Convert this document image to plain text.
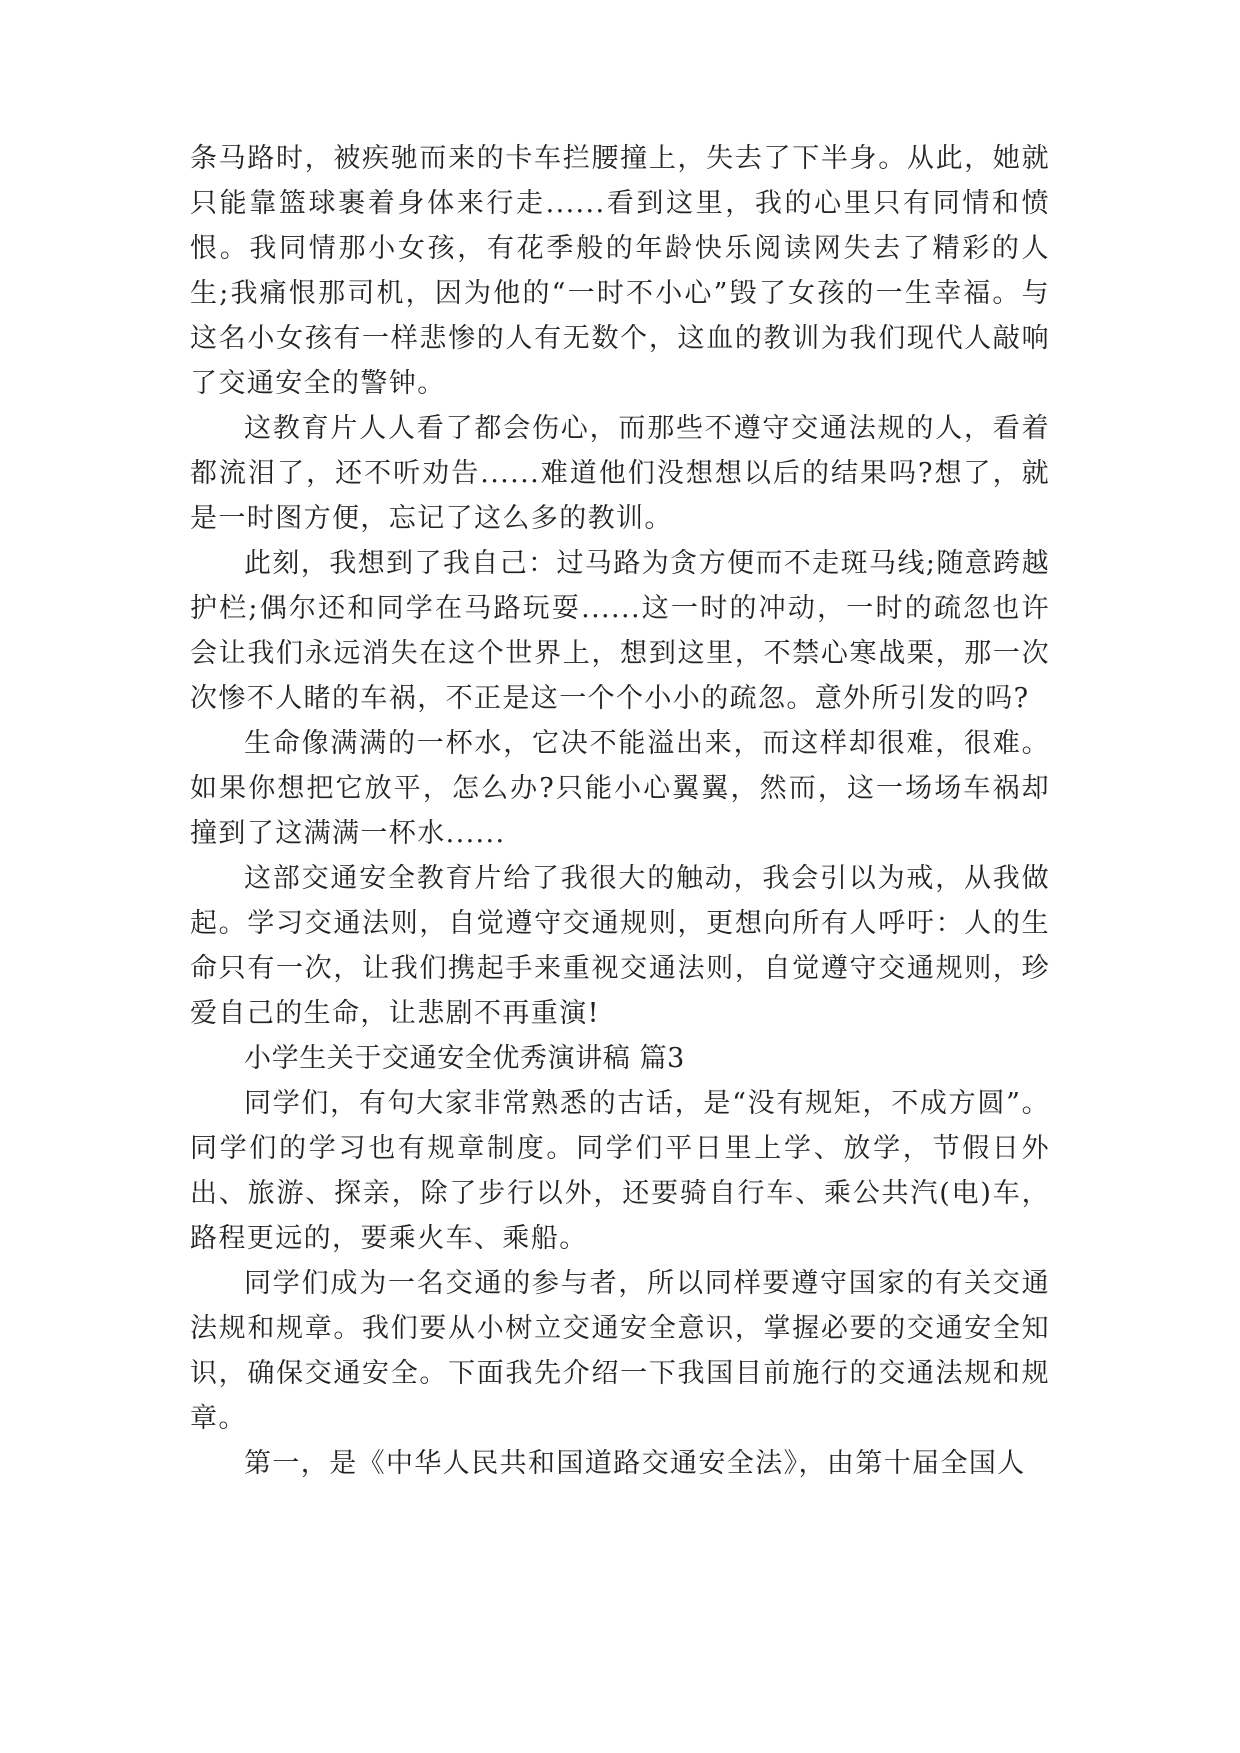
条马路时，被疾驰而来的卡车拦腰撞上，失去了下半身。从此，她就只能靠篮球裹着身体来行走......看到这里，我的心里只有同情和愤恨。我同情那小女孩，有花季般的年龄快乐阅读网失去了精彩的人生;我痛恨那司机，因为他的“一时不小心”毁了女孩的一生幸福。与这名小女孩有一样悲惨的人有无数个，这血的教训为我们现代人敲响了交通安全的警钟。

这教育片人人看了都会伤心，而那些不遵守交通法规的人，看着都流泪了，还不听劝告......难道他们没想想以后的结果吗?想了，就是一时图方便，忘记了这么多的教训。

此刻，我想到了我自己：过马路为贪方便而不走斑马线;随意跨越护栏;偶尔还和同学在马路玩耍......这一时的冲动，一时的疏忽也许会让我们永远消失在这个世界上，想到这里，不禁心寒战栗，那一次次惨不人睹的车祸，不正是这一个个小小的疏忽。意外所引发的吗?

生命像满满的一杯水，它决不能溢出来，而这样却很难，很难。如果你想把它放平，怎么办?只能小心翼翼，然而，这一场场车祸却撞到了这满满一杯水......

这部交通安全教育片给了我很大的触动，我会引以为戒，从我做起。学习交通法则，自觉遵守交通规则，更想向所有人呼吁：人的生命只有一次，让我们携起手来重视交通法则，自觉遵守交通规则，珍爱自己的生命，让悲剧不再重演!

小学生关于交通安全优秀演讲稿 篇3

同学们，有句大家非常熟悉的古话，是“没有规矩，不成方圆”。同学们的学习也有规章制度。同学们平日里上学、放学，节假日外出、旅游、探亲，除了步行以外，还要骑自行车、乘公共汽(电)车，路程更远的，要乘火车、乘船。

同学们成为一名交通的参与者，所以同样要遵守国家的有关交通法规和规章。我们要从小树立交通安全意识，掌握必要的交通安全知识，确保交通安全。下面我先介绍一下我国目前施行的交通法规和规章。

第一，是《中华人民共和国道路交通安全法》，由第十届全国人
